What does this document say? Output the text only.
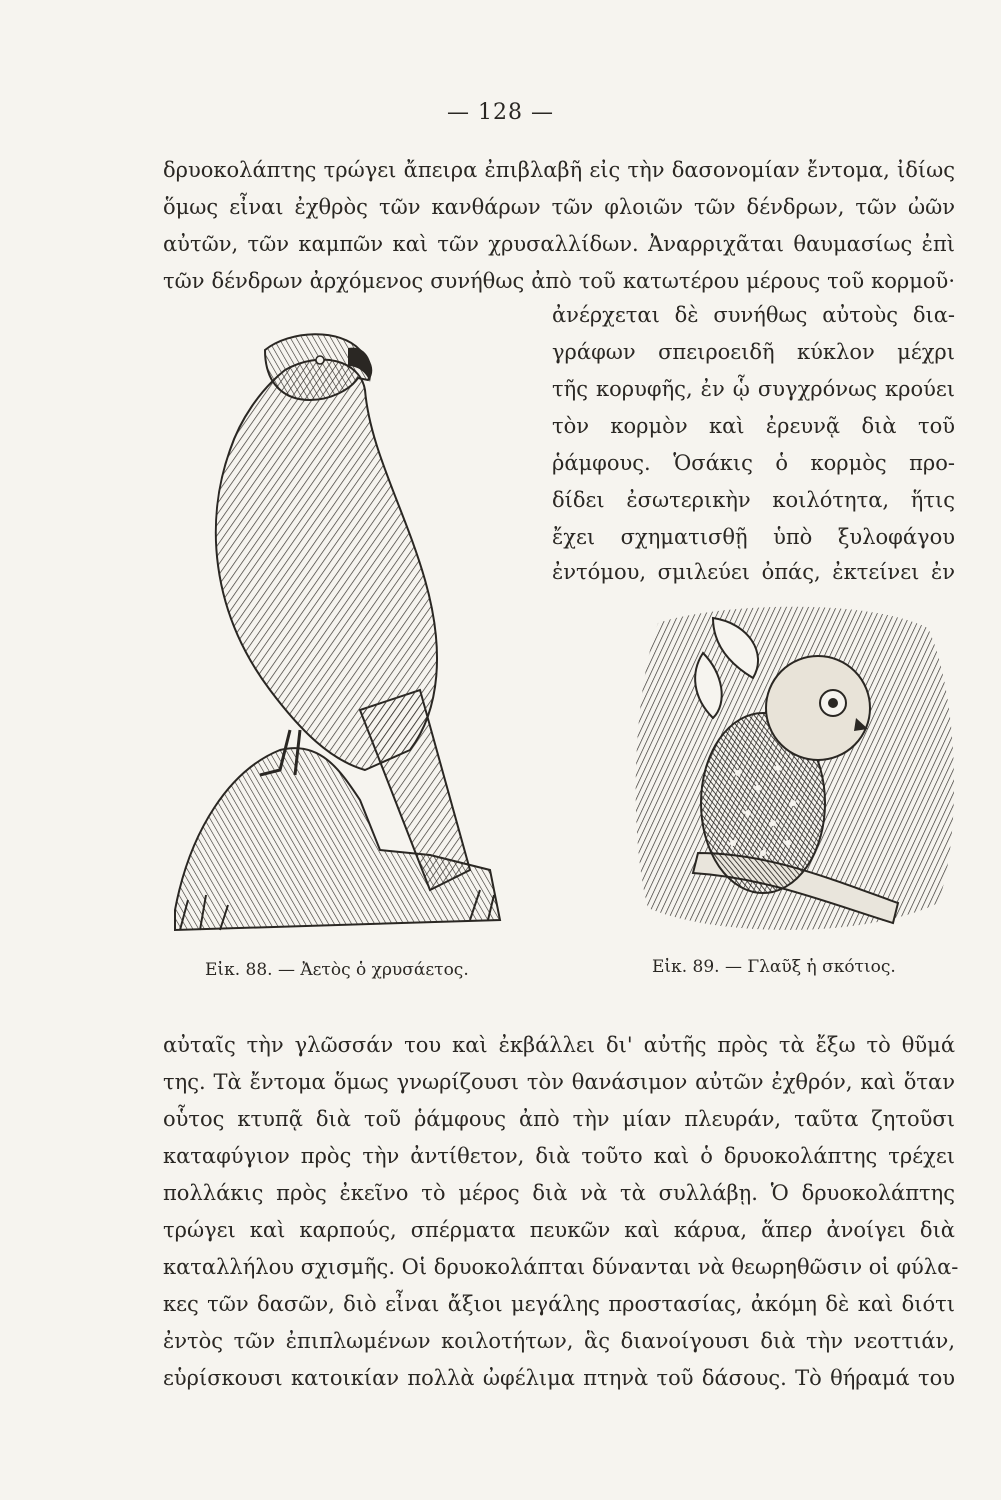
— 128 —
δρυοκολάπτης τρώγει ἄπειρα ἐπιβλαβῆ εἰς τὴν δασονομίαν ἔντομα, ἰδίως
ὅμως εἶναι ἐχθρὸς τῶν κανθάρων τῶν φλοιῶν τῶν δένδρων, τῶν ὠῶν
αὐτῶν, τῶν καμπῶν καὶ τῶν χρυσαλλίδων. Ἀναρριχᾶται θαυμασίως ἐπὶ
τῶν δένδρων ἀρχόμενος συνήθως ἀπὸ τοῦ κατωτέρου μέρους τοῦ κορμοῦ·
ἀνέρχεται δὲ συνήθως αὐτοὺς δια-
γράφων σπειροειδῆ κύκλον μέχρι
τῆς κορυφῆς, ἐν ᾧ συγχρόνως κρούει
τὸν κορμὸν καὶ ἐρευνᾷ διὰ τοῦ
ῥάμφους. Ὁσάκις ὁ κορμὸς προ-
δίδει ἐσωτερικὴν κοιλότητα, ἥτις
ἔχει σχηματισθῇ ὑπὸ ξυλοφάγου
ἐντόμου, σμιλεύει ὀπάς, ἐκτείνει ἐν
Εἰκ. 88. — Ἀετὸς ὁ χρυσάετος.	Εἰκ. 89. — Γλαῦξ ἡ σκότιος.
αὐταῖς τὴν γλῶσσάν του καὶ ἐκβάλλει δι' αὐτῆς πρὸς τὰ ἔξω τὸ θῦμά
της. Τὰ ἔντομα ὅμως γνωρίζουσι τὸν θανάσιμον αὐτῶν ἐχθρόν, καὶ ὅταν
οὗτος κτυπᾷ διὰ τοῦ ῥάμφους ἀπὸ τὴν μίαν πλευράν, ταῦτα ζητοῦσι
καταφύγιον πρὸς τὴν ἀντίθετον, διὰ τοῦτο καὶ ὁ δρυοκολάπτης τρέχει
πολλάκις πρὸς ἐκεῖνο τὸ μέρος διὰ νὰ τὰ συλλάβῃ. Ὁ δρυοκολάπτης
τρώγει καὶ καρπούς, σπέρματα πευκῶν καὶ κάρυα, ἅπερ ἀνοίγει διὰ
καταλλήλου σχισμῆς. Οἱ δρυοκολάπται δύνανται νὰ θεωρηθῶσιν οἱ φύλα-
κες τῶν δασῶν, διὸ εἶναι ἄξιοι μεγάλης προστασίας, ἀκόμη δὲ καὶ διότι
ἐντὸς τῶν ἐπιπλωμένων κοιλοτήτων, ἃς διανοίγουσι διὰ τὴν νεοττιάν,
εὑρίσκουσι κατοικίαν πολλὰ ὠφέλιμα πτηνὰ τοῦ δάσους. Τὸ θήραμά του
